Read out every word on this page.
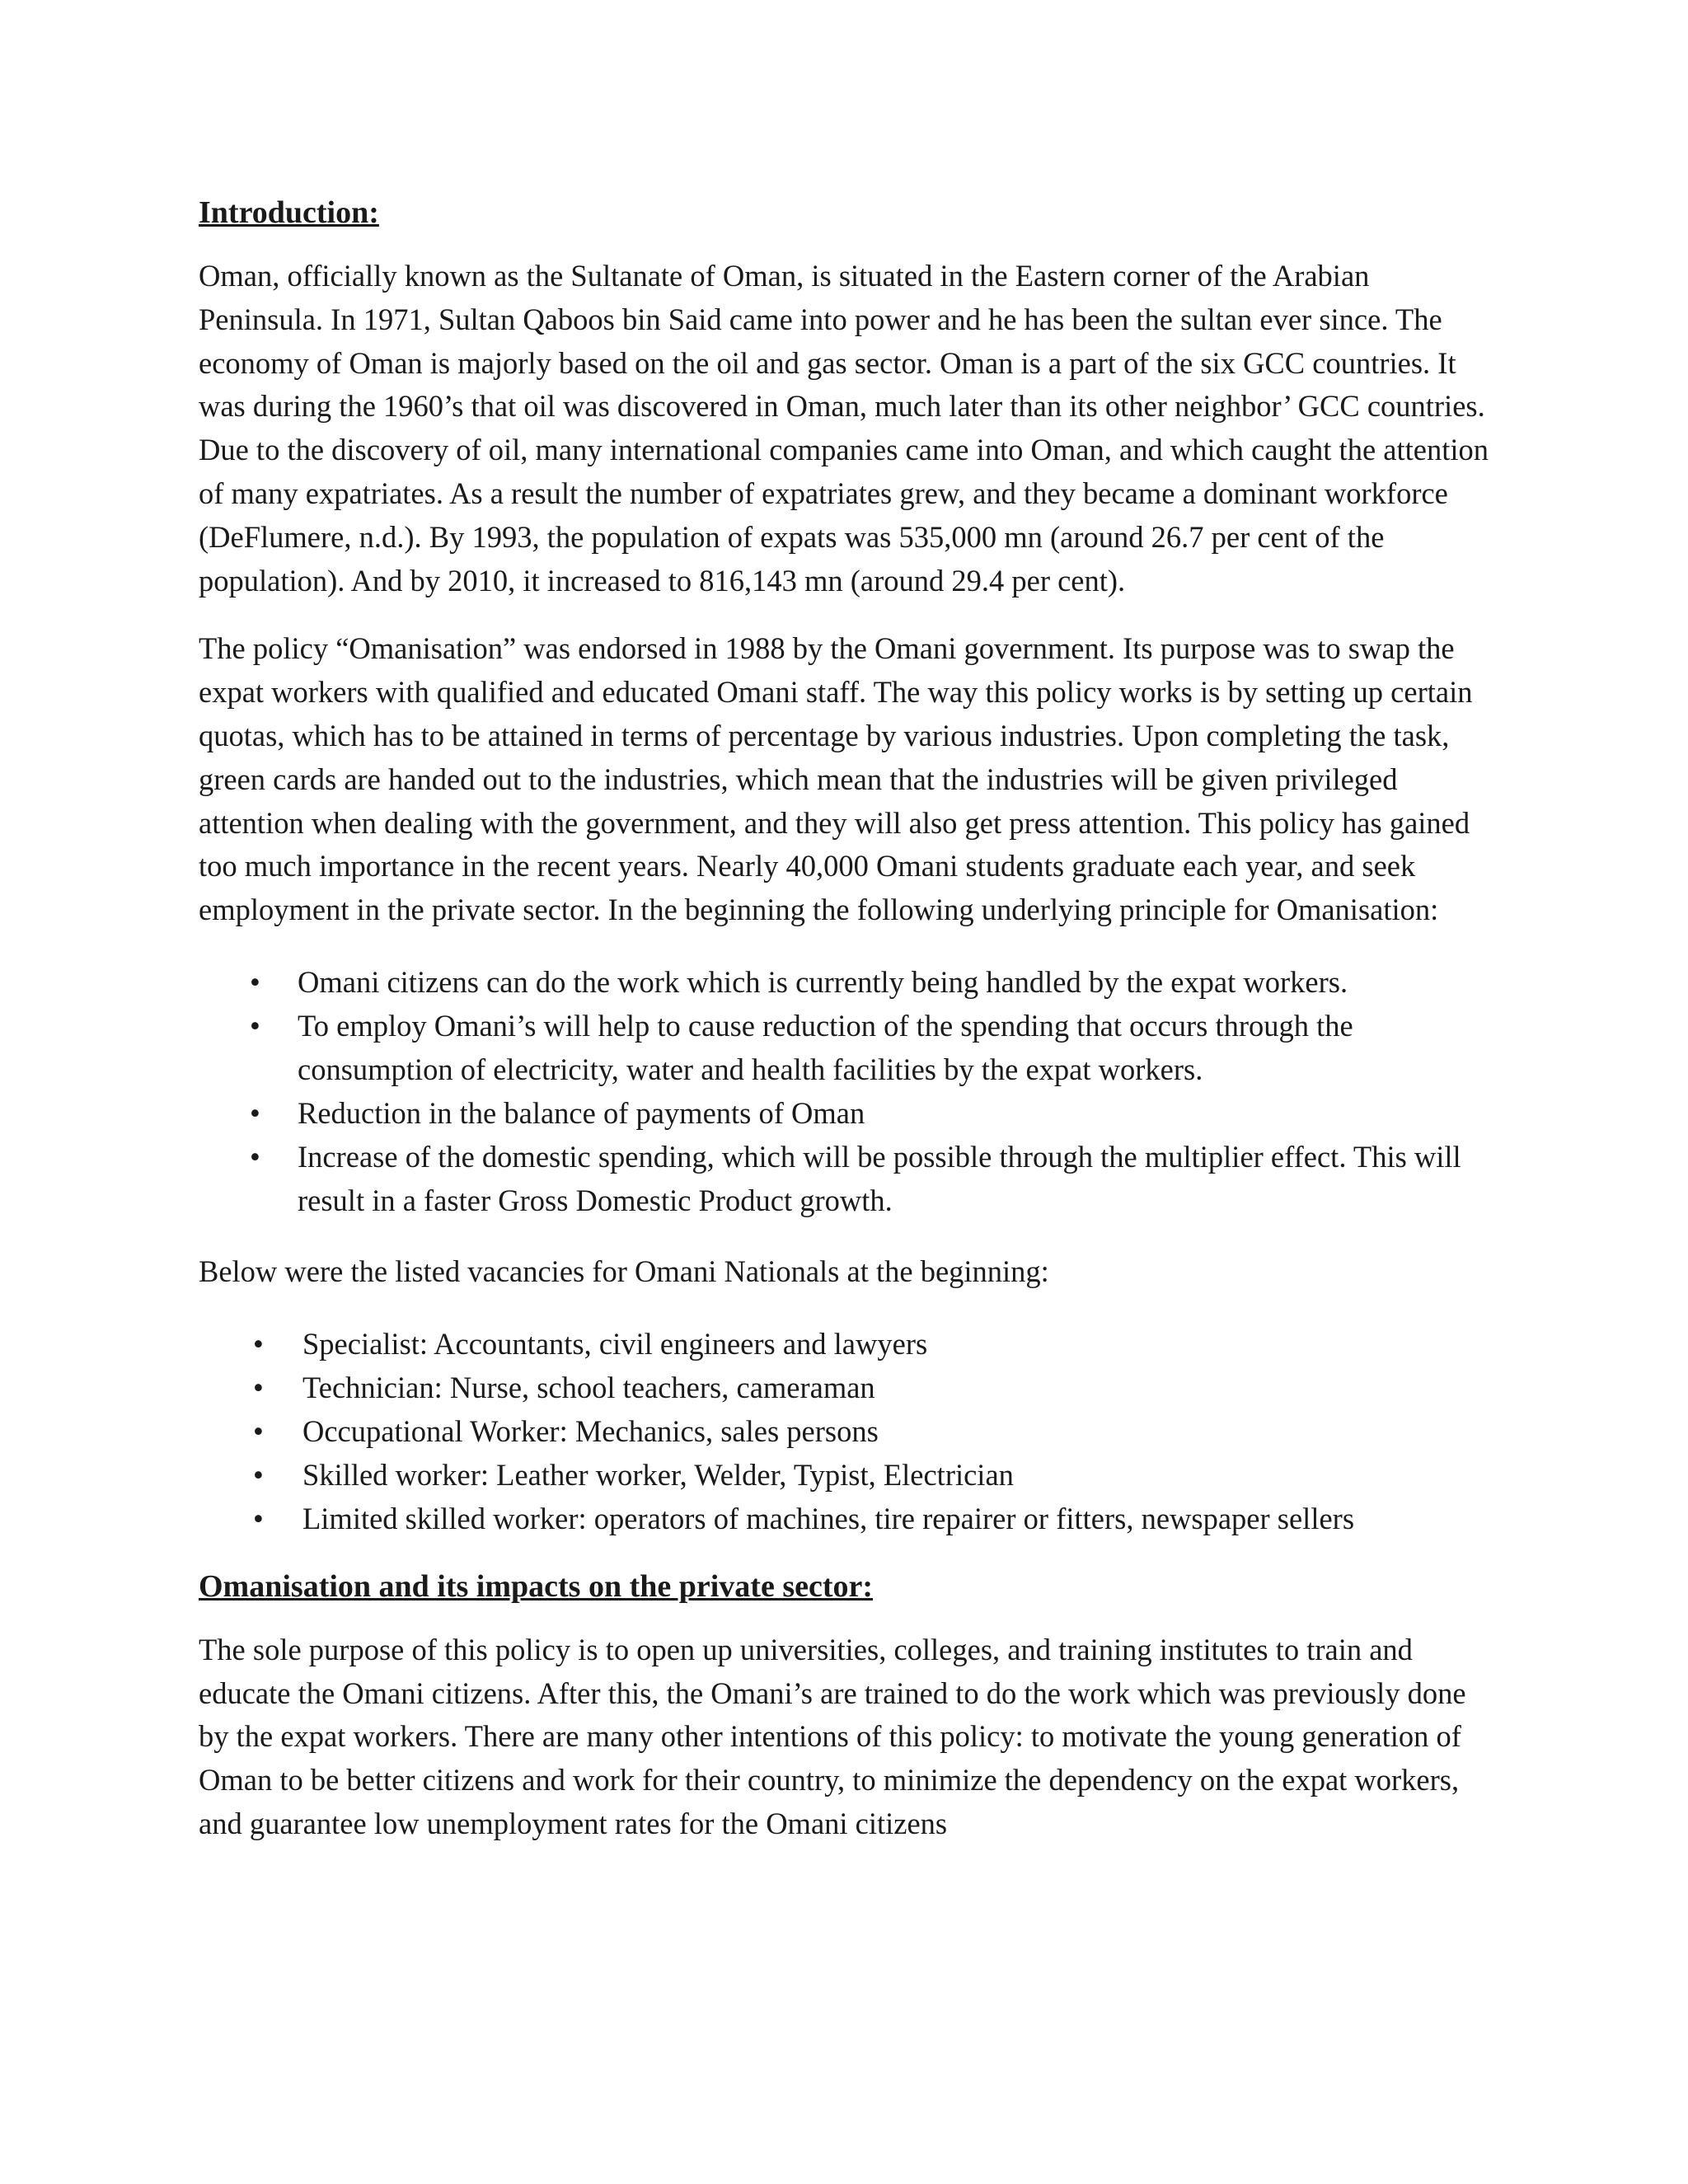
Introduction:

Oman, officially known as the Sultanate of Oman, is situated in the Eastern corner of the Arabian Peninsula. In 1971, Sultan Qaboos bin Said came into power and he has been the sultan ever since. The economy of Oman is majorly based on the oil and gas sector. Oman is a part of the six GCC countries. It was during the 1960’s that oil was discovered in Oman, much later than its other neighbor’ GCC countries. Due to the discovery of oil, many international companies came into Oman, and which caught the attention of many expatriates. As a result the number of expatriates grew, and they became a dominant workforce (DeFlumere, n.d.). By 1993, the population of expats was 535,000 mn (around 26.7 per cent of the population). And by 2010, it increased to 816,143 mn (around 29.4 per cent).

The policy “Omanisation” was endorsed in 1988 by the Omani government. Its purpose was to swap the expat workers with qualified and educated Omani staff. The way this policy works is by setting up certain quotas, which has to be attained in terms of percentage by various industries. Upon completing the task, green cards are handed out to the industries, which mean that the industries will be given privileged attention when dealing with the government, and they will also get press attention. This policy has gained too much importance in the recent years. Nearly 40,000 Omani students graduate each year, and seek employment in the private sector. In the beginning the following underlying principle for Omanisation:

• Omani citizens can do the work which is currently being handled by the expat workers.
• To employ Omani’s will help to cause reduction of the spending that occurs through the consumption of electricity, water and health facilities by the expat workers.
• Reduction in the balance of payments of Oman
• Increase of the domestic spending, which will be possible through the multiplier effect. This will result in a faster Gross Domestic Product growth.

Below were the listed vacancies for Omani Nationals at the beginning:

• Specialist: Accountants, civil engineers and lawyers
• Technician: Nurse, school teachers, cameraman
• Occupational Worker: Mechanics, sales persons
• Skilled worker: Leather worker, Welder, Typist, Electrician
• Limited skilled worker: operators of machines, tire repairer or fitters, newspaper sellers
Omanisation and its impacts on the private sector:

The sole purpose of this policy is to open up universities, colleges, and training institutes to train and educate the Omani citizens. After this, the Omani’s are trained to do the work which was previously done by the expat workers. There are many other intentions of this policy: to motivate the young generation of Oman to be better citizens and work for their country, to minimize the dependency on the expat workers, and guarantee low unemployment rates for the Omani citizens
